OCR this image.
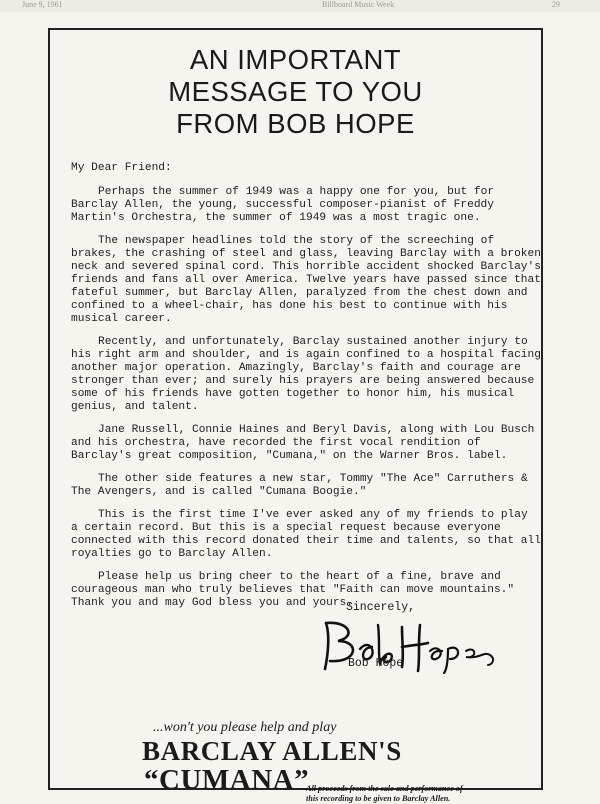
June 9, 1961	Billboard Music Week	29
AN IMPORTANT
MESSAGE TO YOU
FROM BOB HOPE

My Dear Friend:

Perhaps the summer of 1949 was a happy one for you, but for Barclay Allen, the young, successful composer-pianist of Freddy Martin's Orchestra, the summer of 1949 was a most tragic one.

The newspaper headlines told the story of the screeching of brakes, the crashing of steel and glass, leaving Barclay with a broken neck and severed spinal cord. This horrible accident shocked Barclay's friends and fans all over America. Twelve years have passed since that fateful summer, but Barclay Allen, paralyzed from the chest down and confined to a wheel-chair, has done his best to continue with his musical career.

Recently, and unfortunately, Barclay sustained another injury to his right arm and shoulder, and is again confined to a hospital facing another major operation. Amazingly, Barclay's faith and courage are stronger than ever; and surely his prayers are being answered because some of his friends have gotten together to honor him, his musical genius, and talent.

Jane Russell, Connie Haines and Beryl Davis, along with Lou Busch and his orchestra, have recorded the first vocal rendition of Barclay's great composition, "Cumana," on the Warner Bros. label.

The other side features a new star, Tommy "The Ace" Carruthers & The Avengers, and is called "Cumana Boogie."

This is the first time I've ever asked any of my friends to play a certain record. But this is a special request because everyone connected with this record donated their time and talents, so that all royalties go to Barclay Allen.

Please help us bring cheer to the heart of a fine, brave and courageous man who truly believes that "Faith can move mountains." Thank you and may God bless you and yours.

Sincerely,
Bob Hope
...won't you please help and play
BARCLAY ALLEN'S
“CUMANA”
All proceeds from the sale and performance of
this recording to be given to Barclay Allen.
